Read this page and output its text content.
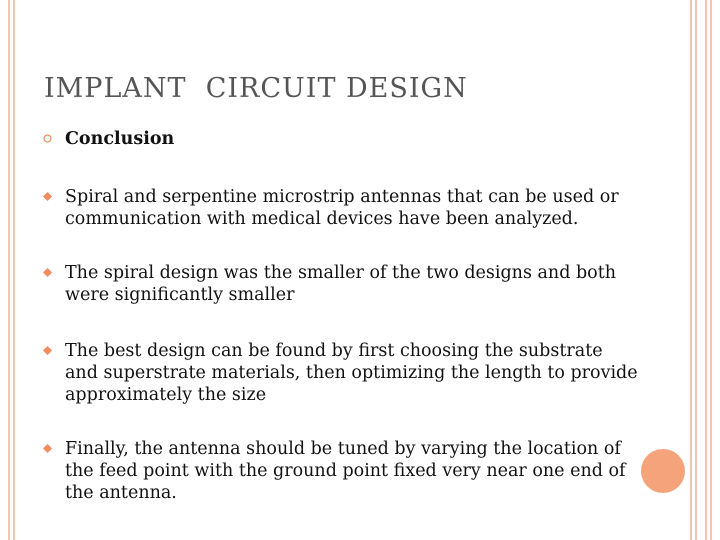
IMPLANT  CIRCUIT DESIGN
Conclusion
Spiral and serpentine microstrip antennas that can be used or communication with medical devices have been analyzed.
The spiral design was the smaller of the two designs and both were significantly smaller
The best design can be found by first choosing the substrate and superstrate materials, then optimizing the length to provide approximately the size
Finally, the antenna should be tuned by varying the location of the feed point with the ground point fixed very near one end of the antenna.
